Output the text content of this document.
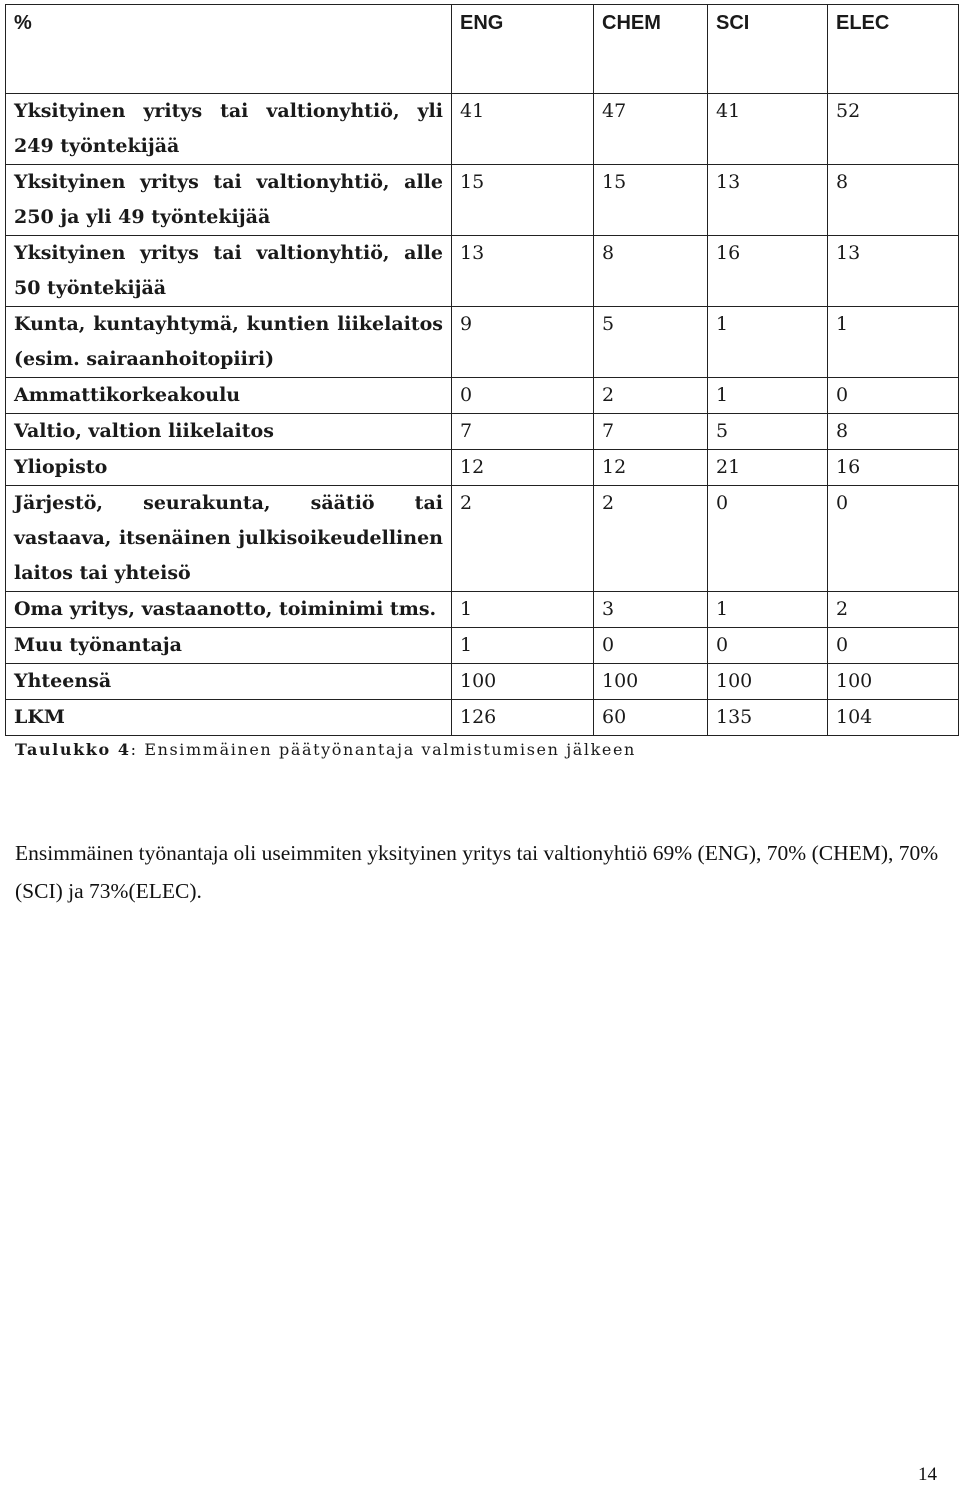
%	ENG	CHEM	SCI	ELEC
Yksityinen yritys tai valtionyhtiö, yli 249 työntekijää	41	47	41	52
Yksityinen yritys tai valtionyhtiö, alle 250 ja yli 49 työntekijää	15	15	13	8
Yksityinen yritys tai valtionyhtiö, alle 50 työntekijää	13	8	16	13
Kunta, kuntayhtymä, kuntien liikelaitos (esim. sairaanhoitopiiri)	9	5	1	1
Ammattikorkeakoulu	0	2	1	0
Valtio, valtion liikelaitos	7	7	5	8
Yliopisto	12	12	21	16
Järjestö, seurakunta, säätiö tai vastaava, itsenäinen julkisoikeudellinen laitos tai yhteisö	2	2	0	0
Oma yritys, vastaanotto, toiminimi tms.	1	3	1	2
Muu työnantaja	1	0	0	0
Yhteensä	100	100	100	100
LKM	126	60	135	104
Taulukko 4: Ensimmäinen päätyönantaja valmistumisen jälkeen
Ensimmäinen työnantaja oli useimmiten yksityinen yritys tai valtionyhtiö 69% (ENG), 70% (CHEM), 70% (SCI) ja 73%(ELEC).
14
